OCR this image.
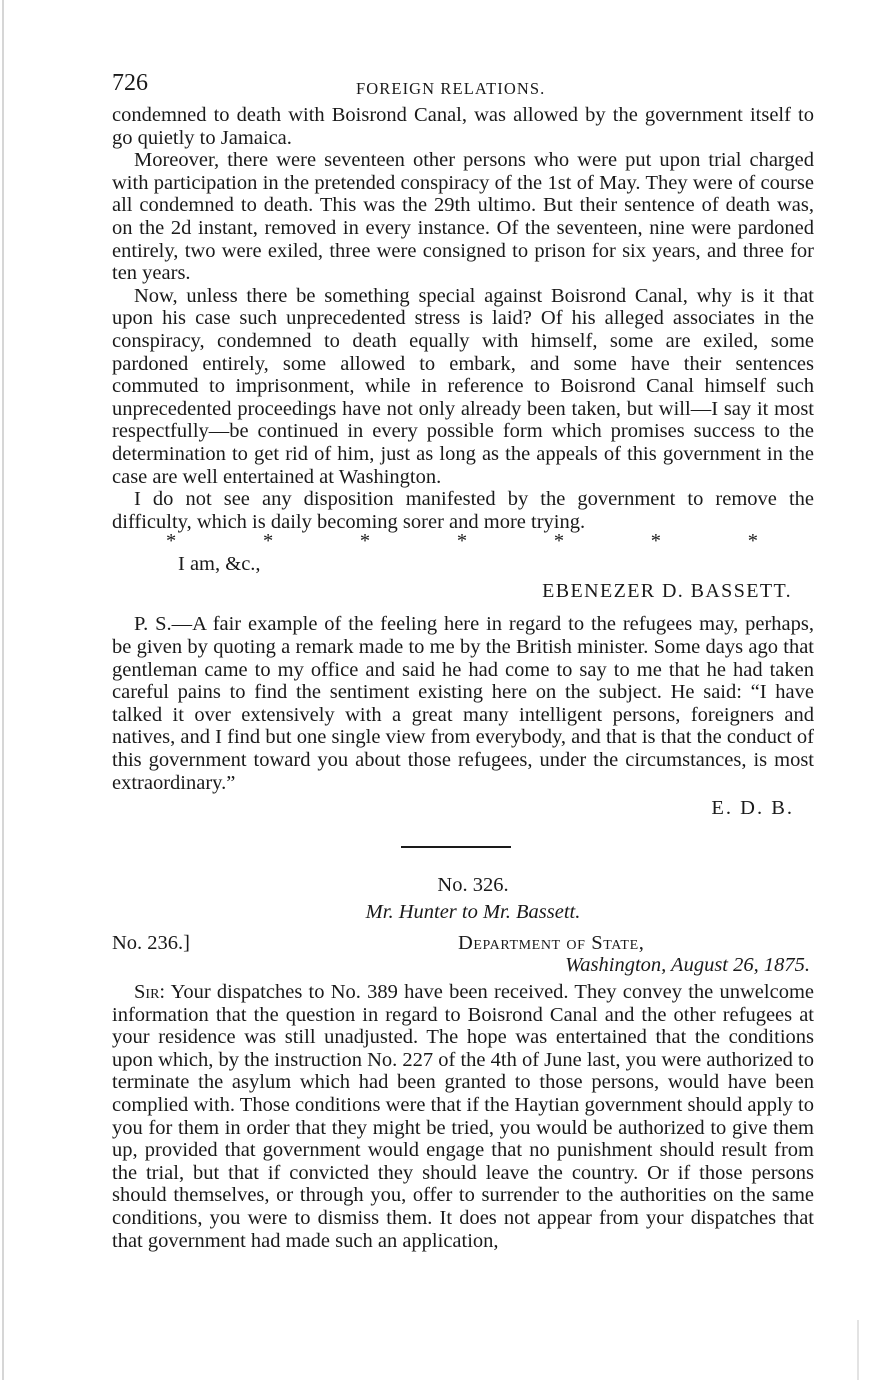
726	FOREIGN RELATIONS.

condemned to death with Boisrond Canal, was allowed by the government itself to go quietly to Jamaica.

Moreover, there were seventeen other persons who were put upon trial charged with participation in the pretended conspiracy of the 1st of May. They were of course all condemned to death. This was the 29th ultimo. But their sentence of death was, on the 2d instant, removed in every instance. Of the seventeen, nine were pardoned entirely, two were exiled, three were consigned to prison for six years, and three for ten years.

Now, unless there be something special against Boisrond Canal, why is it that upon his case such unprecedented stress is laid? Of his alleged associates in the conspiracy, condemned to death equally with himself, some are exiled, some pardoned entirely, some allowed to embark, and some have their sentences commuted to imprisonment, while in reference to Boisrond Canal himself such unprecedented proceedings have not only already been taken, but will—I say it most respectfully—be continued in every possible form which promises success to the determination to get rid of him, just as long as the appeals of this government in the case are well entertained at Washington.

I do not see any disposition manifested by the government to remove the difficulty, which is daily becoming sorer and more trying.

*	*	*	*	*	*	*
I am, &c.,
EBENEZER D. BASSETT.

P. S.—A fair example of the feeling here in regard to the refugees may, perhaps, be given by quoting a remark made to me by the British minister. Some days ago that gentleman came to my office and said he had come to say to me that he had taken careful pains to find the sentiment existing here on the subject. He said: “I have talked it over extensively with a great many intelligent persons, foreigners and natives, and I find but one single view from everybody, and that is that the conduct of this government toward you about those refugees, under the circumstances, is most extraordinary.”

E. D. B.
No. 326.
Mr. Hunter to Mr. Bassett.
No. 236.]	Department of State,
Washington, August 26, 1875.

Sir: Your dispatches to No. 389 have been received. They convey the unwelcome information that the question in regard to Boisrond Canal and the other refugees at your residence was still unadjusted. The hope was entertained that the conditions upon which, by the instruction No. 227 of the 4th of June last, you were authorized to terminate the asylum which had been granted to those persons, would have been complied with. Those conditions were that if the Haytian government should apply to you for them in order that they might be tried, you would be authorized to give them up, provided that government would engage that no punishment should result from the trial, but that if convicted they should leave the country. Or if those persons should themselves, or through you, offer to surrender to the authorities on the same conditions, you were to dismiss them. It does not appear from your dispatches that that government had made such an application,
